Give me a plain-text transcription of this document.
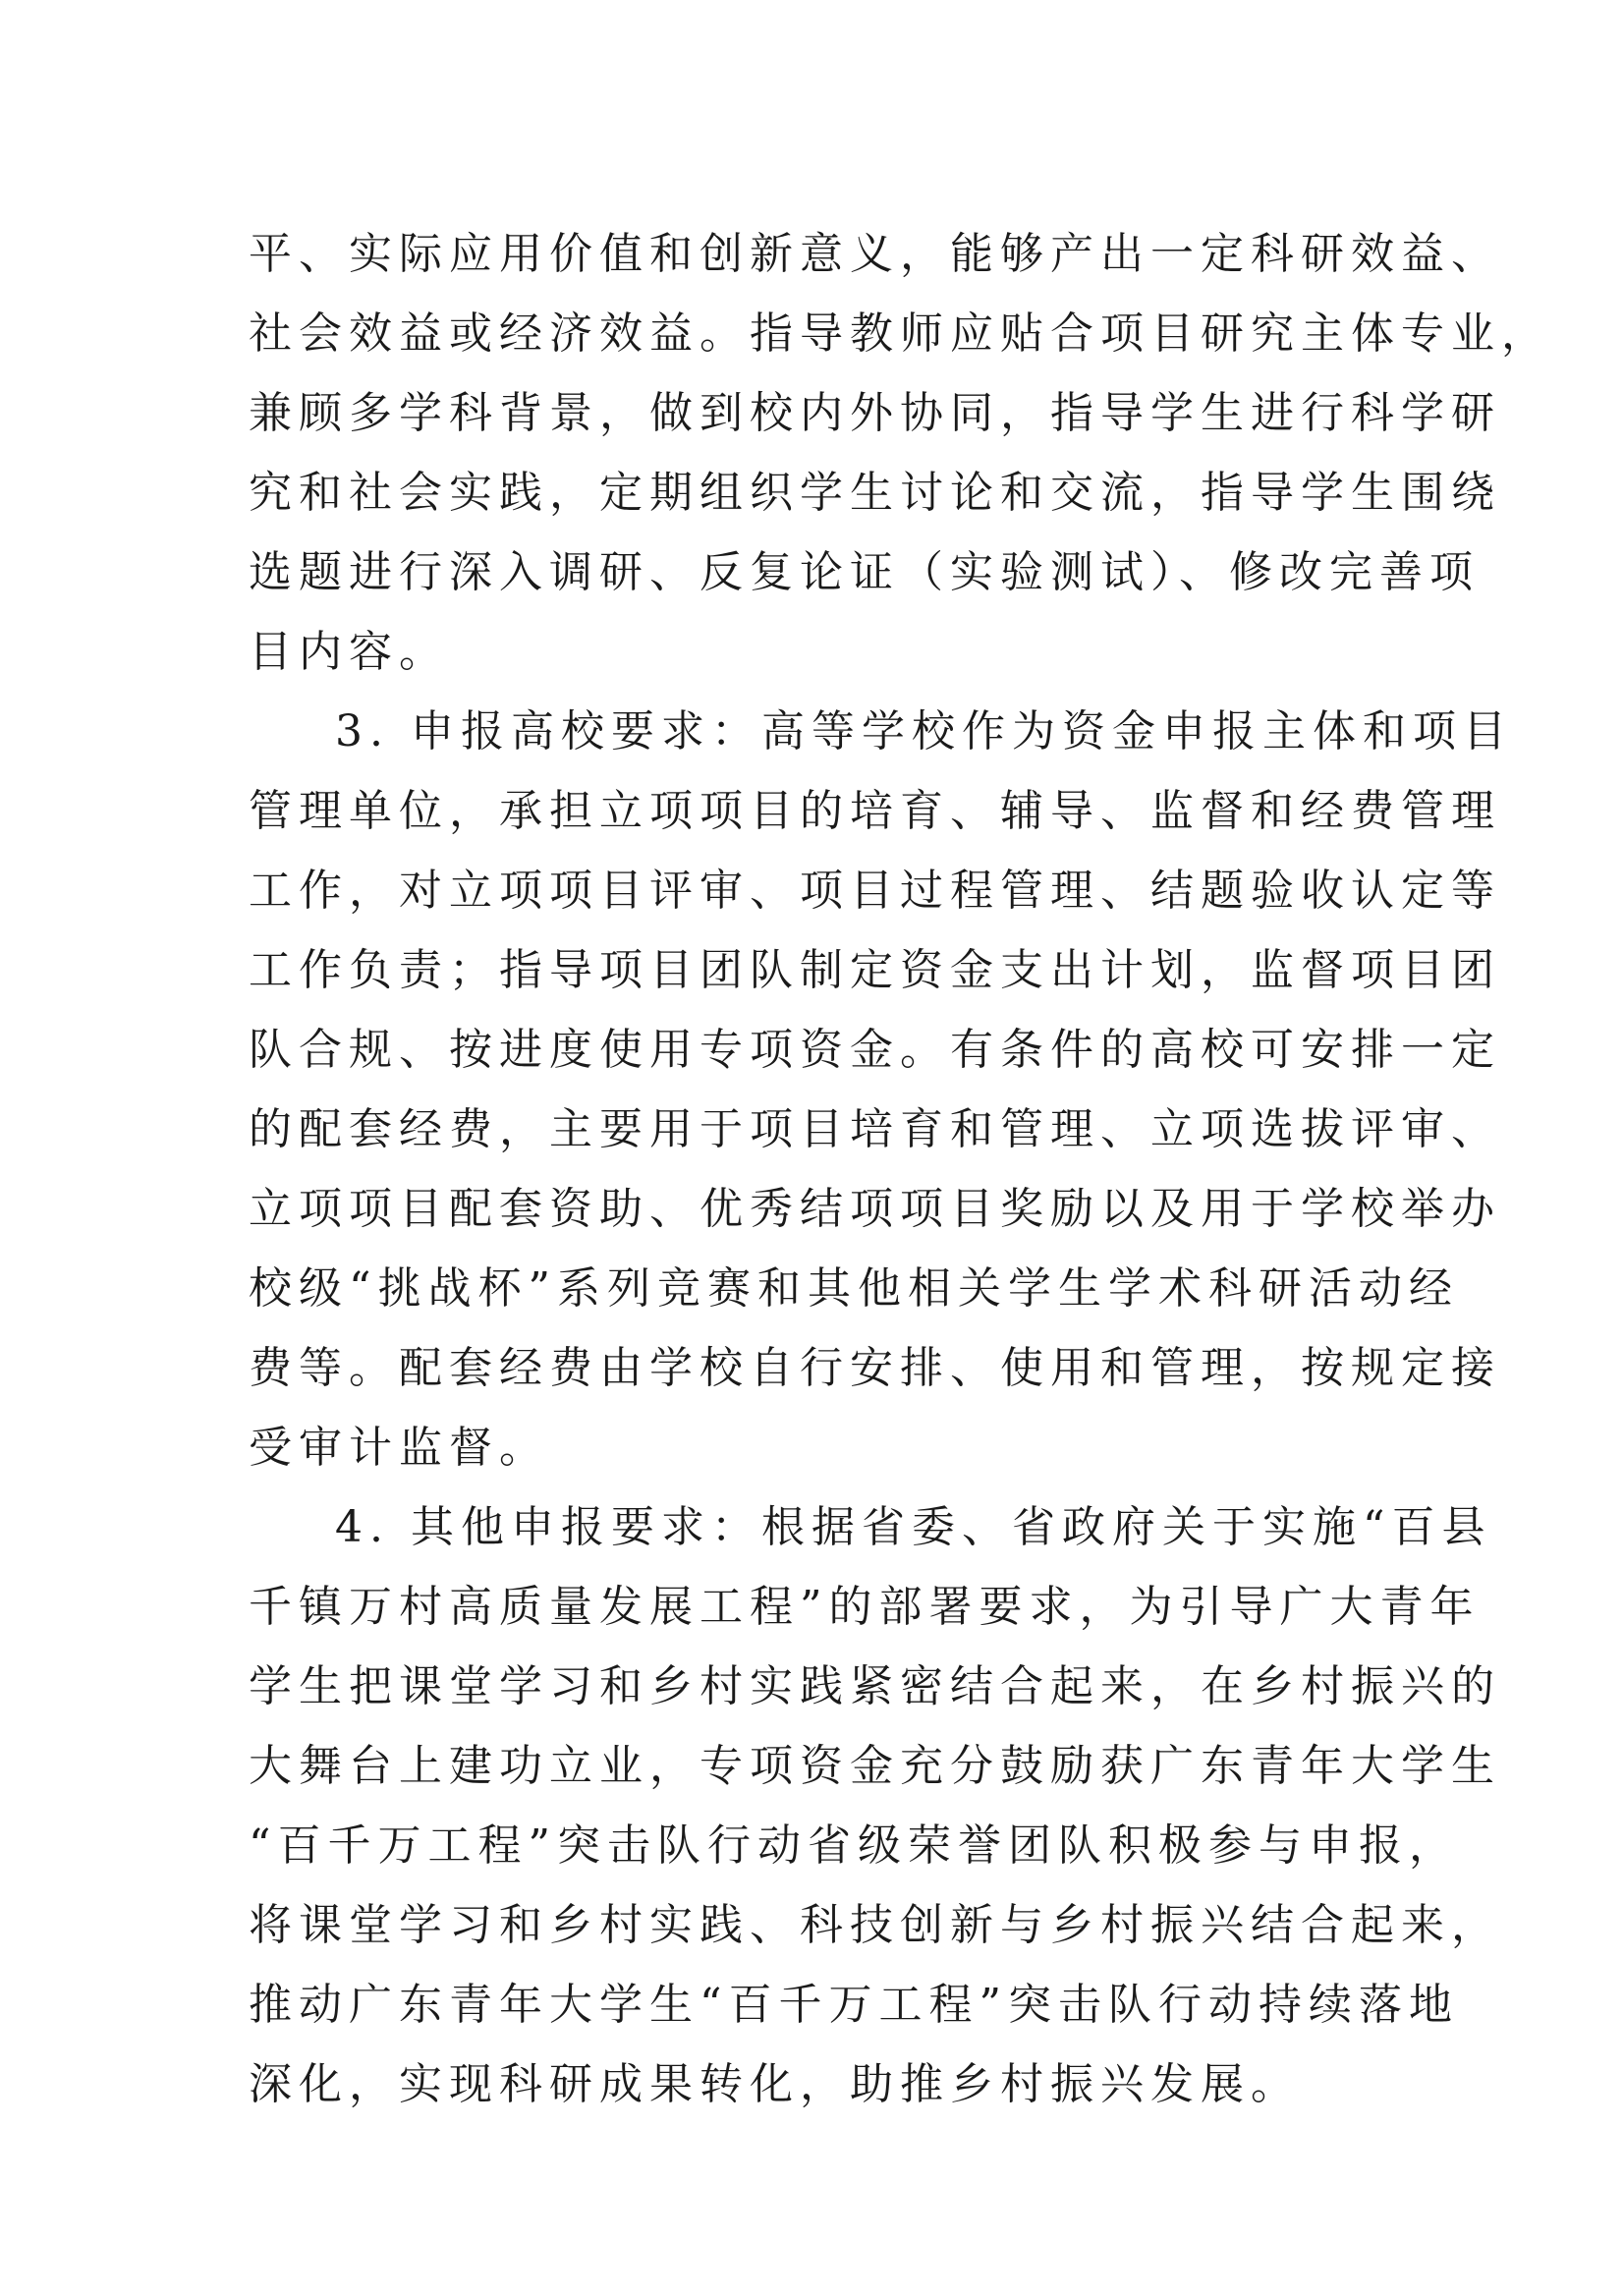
平、实际应用价值和创新意义，能够产出一定科研效益、
社会效益或经济效益。指导教师应贴合项目研究主体专业，
兼顾多学科背景，做到校内外协同，指导学生进行科学研
究和社会实践，定期组织学生讨论和交流，指导学生围绕
选题进行深入调研、反复论证（实验测试）、修改完善项
目内容。
3. 申报高校要求：高等学校作为资金申报主体和项目
管理单位，承担立项项目的培育、辅导、监督和经费管理
工作，对立项项目评审、项目过程管理、结题验收认定等
工作负责；指导项目团队制定资金支出计划，监督项目团
队合规、按进度使用专项资金。有条件的高校可安排一定
的配套经费，主要用于项目培育和管理、立项选拔评审、
立项项目配套资助、优秀结项项目奖励以及用于学校举办
校级“挑战杯”系列竞赛和其他相关学生学术科研活动经
费等。配套经费由学校自行安排、使用和管理，按规定接
受审计监督。
4. 其他申报要求：根据省委、省政府关于实施“百县
千镇万村高质量发展工程”的部署要求，为引导广大青年
学生把课堂学习和乡村实践紧密结合起来，在乡村振兴的
大舞台上建功立业，专项资金充分鼓励获广东青年大学生
“百千万工程”突击队行动省级荣誉团队积极参与申报，
将课堂学习和乡村实践、科技创新与乡村振兴结合起来，
推动广东青年大学生“百千万工程”突击队行动持续落地
深化，实现科研成果转化，助推乡村振兴发展。
